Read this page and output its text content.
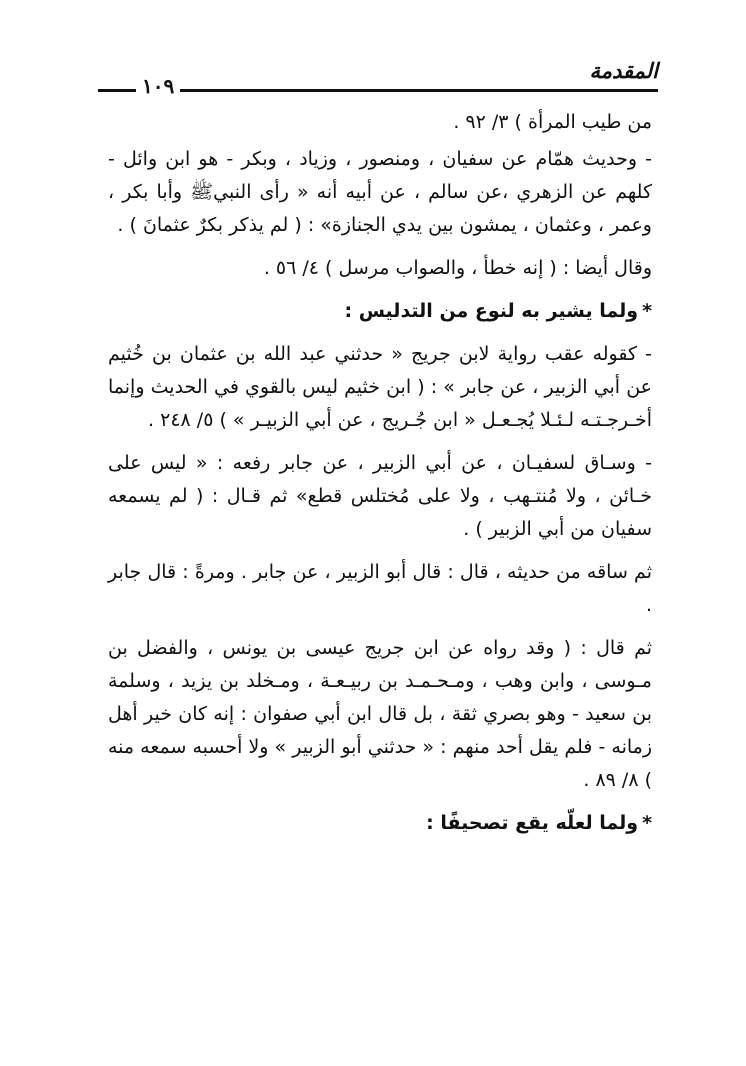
١٠٩
المقدمة

من طيب المرأة ) ٣/ ٩٢ .

- وحديث همّام عن سفيان ، ومنصور ، وزياد ، وبكر - هو ابن وائل - كلهم عن الزهري ،عن سالم ، عن أبيه أنه « رأى النبيﷺ وأبا بكر ، وعمر ، وعثمان ، يمشون بين يدي الجنازة» : ( لم يذكر بكرٌ عثمانَ ) .

وقال أيضا : ( إنه خطأ ، والصواب مرسل ) ٤/ ٥٦ .

*ولما يشير به لنوع من التدليس :

- كقوله عقب رواية لابن جريج « حدثني عبد الله بن عثمان بن خُثيم عن أبي الزبير ، عن جابر » : ( ابن خثيم ليس بالقوي في الحديث وإنما أخـرجـتـه لـئـلا يُجـعـل « ابن جُـريج ، عن أبي الزبيـر » ) ٥/ ٢٤٨ .

- وسـاق لسفيـان ، عن أبي الزبير ، عن جابر رفعه : « ليس على خـائن ، ولا مُنتـهب ، ولا على مُختلس قطع» ثم قـال : ( لم يسمعه سفيان من أبي الزبير ) .

ثم ساقه من حديثه ، قال : قال أبو الزبير ، عن جابر . ومرةً : قال جابر .

ثم قال : ( وقد رواه عن ابن جريج عيسى بن يونس ، والفضل بن مـوسى ، وابن وهب ، ومـحـمـد بن ربيـعـة ، ومـخلد بن يزيد ، وسلمة بن سعيد - وهو بصري ثقة ، بل قال ابن أبي صفوان : إنه كان خير أهل زمانه - فلم يقل أحد منهم : « حدثني أبو الزبير » ولا أحسبه سمعه منه ) ٨/ ٨٩ .

*ولما لعلّه يقع تصحيفًا :
